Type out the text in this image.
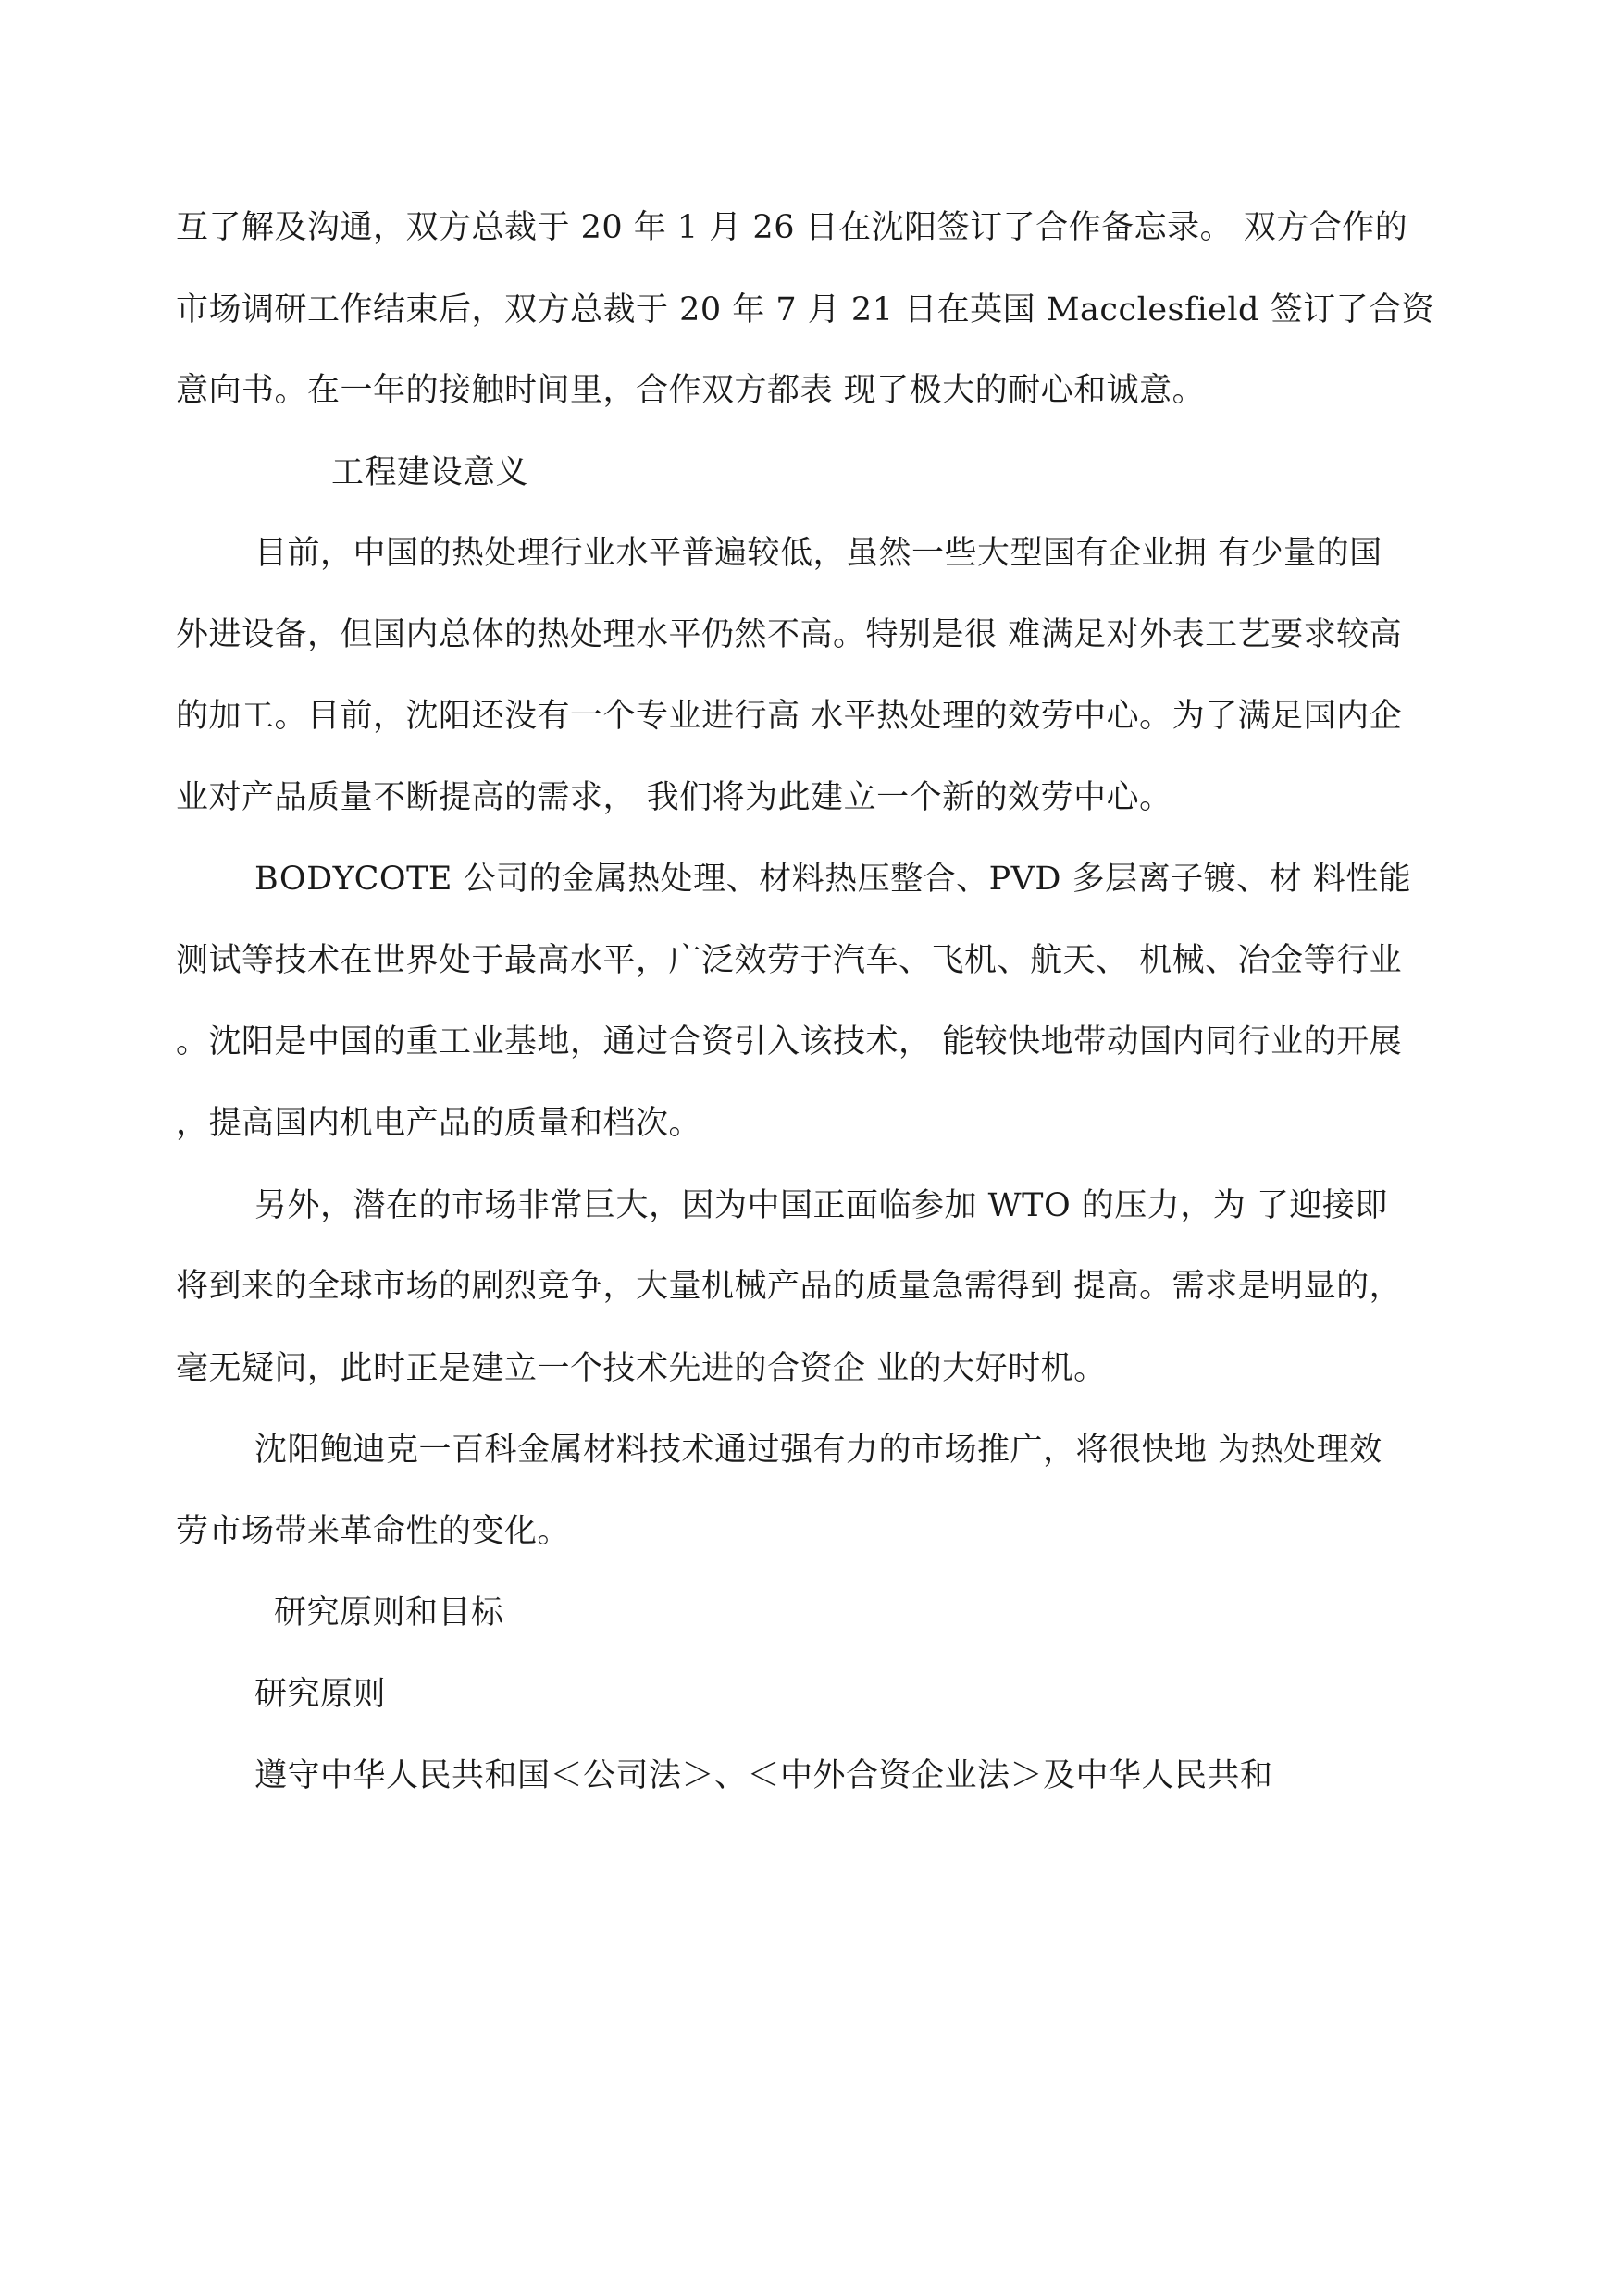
互了解及沟通，双方总裁于 20 年 1 月 26 日在沈阳签订了合作备忘录。 双方合作的
市场调研工作结束后，双方总裁于 20 年 7 月 21 日在英国 Macclesfield 签订了合资
意向书。在一年的接触时间里，合作双方都表 现了极大的耐心和诚意。
工程建设意义
目前，中国的热处理行业水平普遍较低，虽然一些大型国有企业拥 有少量的国
外进设备，但国内总体的热处理水平仍然不高。特别是很 难满足对外表工艺要求较高
的加工。目前，沈阳还没有一个专业进行高 水平热处理的效劳中心。为了满足国内企
业对产品质量不断提高的需求， 我们将为此建立一个新的效劳中心。
BODYCOTE 公司的金属热处理、材料热压整合、PVD 多层离子镀、材 料性能
测试等技术在世界处于最高水平，广泛效劳于汽车、飞机、航天、 机械、冶金等行业
。沈阳是中国的重工业基地，通过合资引入该技术， 能较快地带动国内同行业的开展
，提高国内机电产品的质量和档次。
另外，潜在的市场非常巨大，因为中国正面临参加 WTO 的压力，为 了迎接即
将到来的全球市场的剧烈竞争，大量机械产品的质量急需得到 提高。需求是明显的，
毫无疑问，此时正是建立一个技术先进的合资企 业的大好时机。
沈阳鲍迪克一百科金属材料技术通过强有力的市场推广，将很快地 为热处理效
劳市场带来革命性的变化。
研究原则和目标
研究原则
遵守中华人民共和国＜公司法＞、＜中外合资企业法＞及中华人民共和
